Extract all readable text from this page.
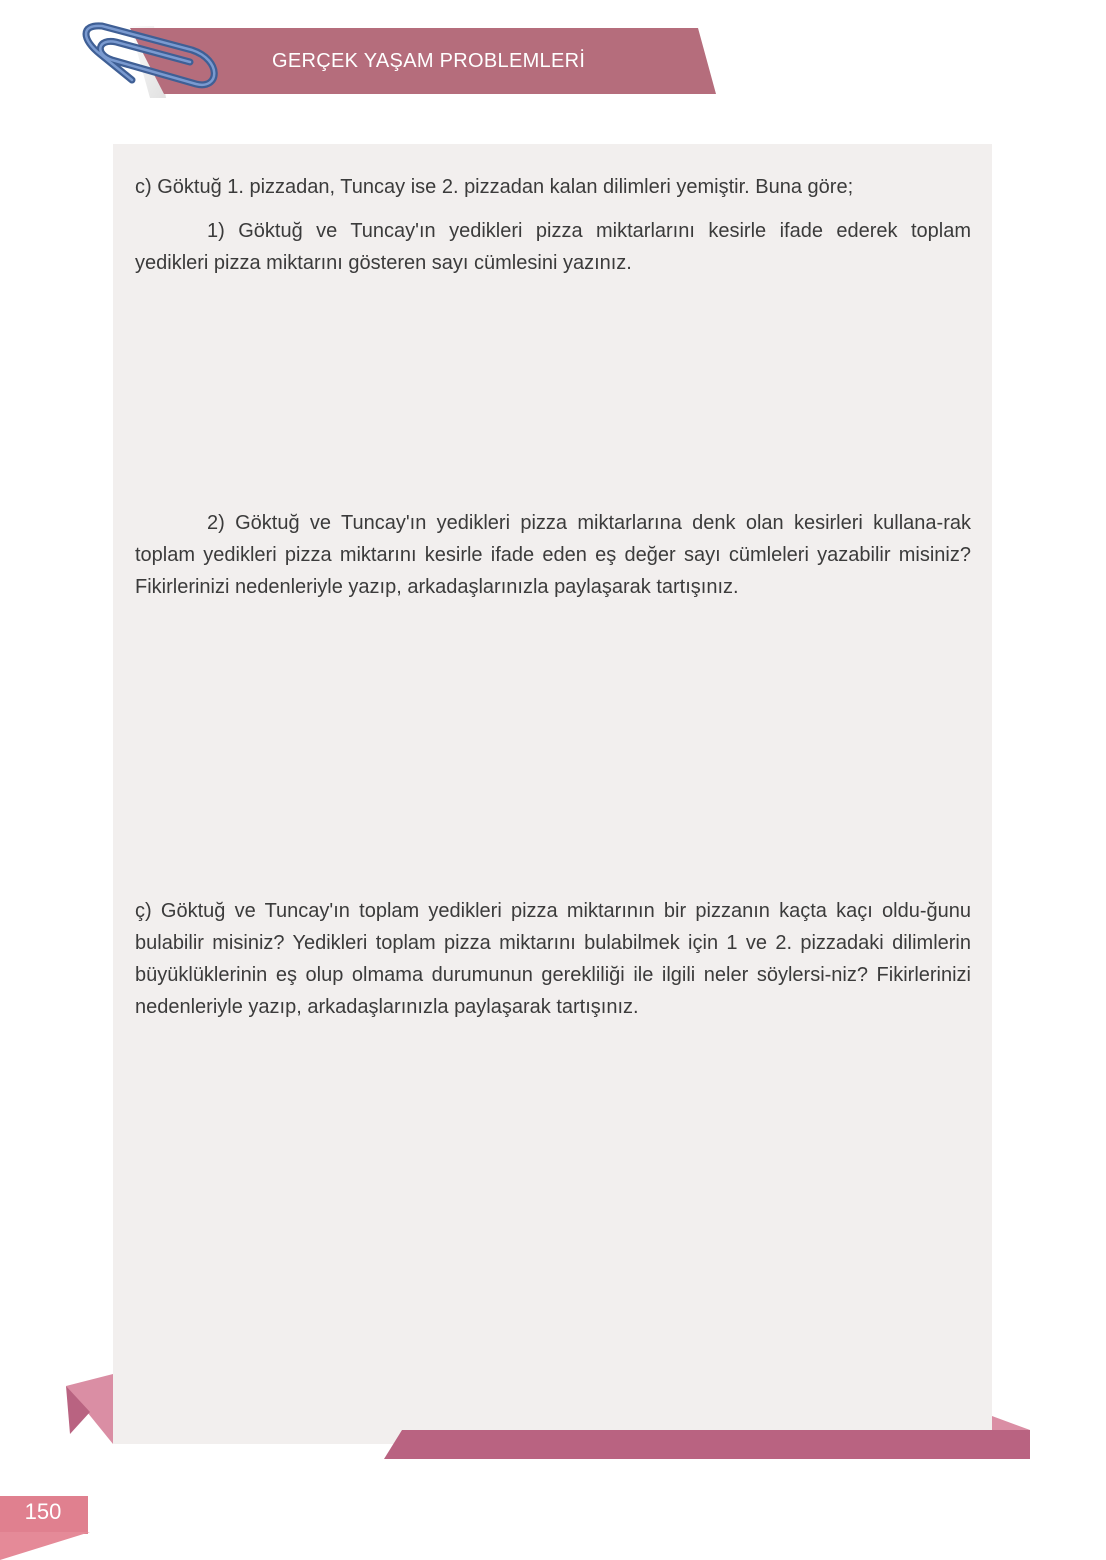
GERÇEK YAŞAM PROBLEMLERİ
c) Göktuğ 1. pizzadan, Tuncay ise 2. pizzadan kalan dilimleri yemiştir. Buna göre;
1) Göktuğ ve Tuncay'ın yedikleri pizza miktarlarını kesirle ifade ederek toplam yedikleri pizza miktarını gösteren sayı cümlesini yazınız.
2) Göktuğ ve Tuncay'ın yedikleri pizza miktarlarına denk olan kesirleri kullana-rak toplam yedikleri pizza miktarını kesirle ifade eden eş değer sayı cümleleri yazabilir misiniz? Fikirlerinizi nedenleriyle yazıp, arkadaşlarınızla paylaşarak tartışınız.
ç) Göktuğ ve Tuncay'ın toplam yedikleri pizza miktarının bir pizzanın kaçta kaçı oldu-ğunu bulabilir misiniz? Yedikleri toplam pizza miktarını bulabilmek için 1 ve 2. pizzadaki dilimlerin büyüklüklerinin eş olup olmama durumunun gerekliliği ile ilgili neler söylersi-niz? Fikirlerinizi nedenleriyle yazıp, arkadaşlarınızla paylaşarak tartışınız.
150
